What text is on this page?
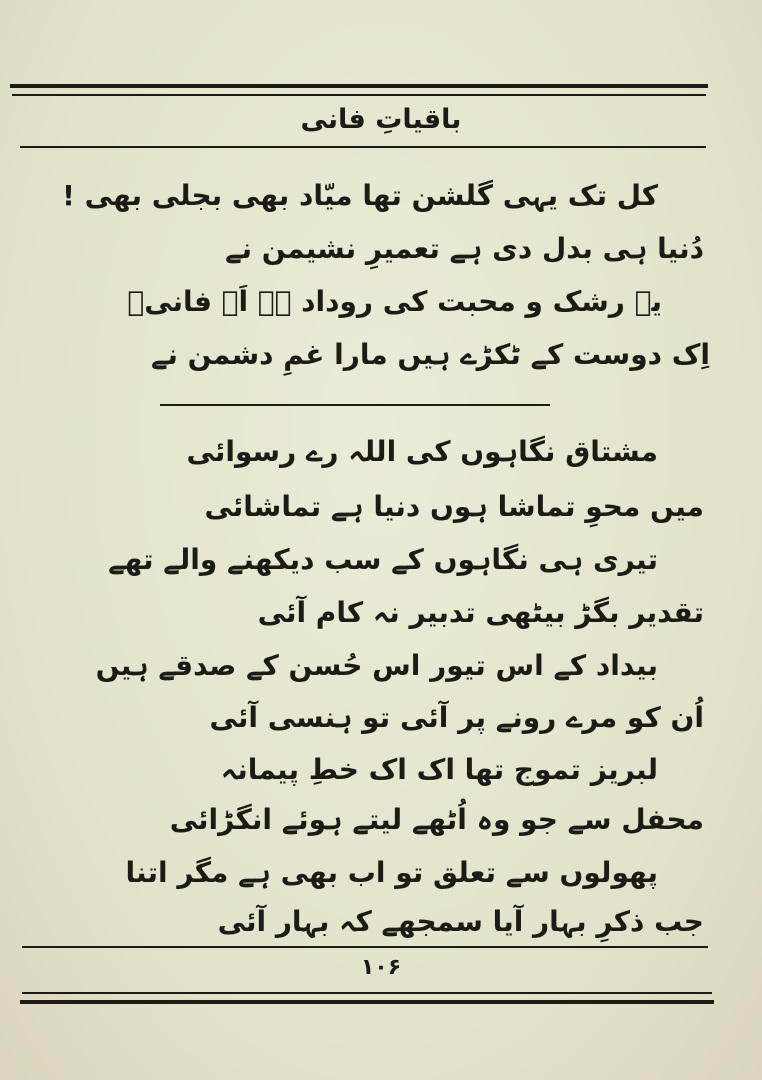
باقیاتِ فانی
کل تک یہی گلشن تھا میّاد بھی بجلی بھی !
دُنیا ہی بدل دی ہے تعمیرِ نشیمن نے
یہ رشک و محبت کی روداد ہے اَے فانیؔ
اِک دوست کے ٹکڑے ہیں مارا غمِ دشمن نے
مشتاق نگاہوں کی اللہ رے رسوائی
میں محوِ تماشا ہوں دنیا ہے تماشائی
تیری ہی نگاہوں کے سب دیکھنے والے تھے
تقدیر بگڑ بیٹھی تدبیر نہ کام آئی
بیداد کے اس تیور اس حُسن کے صدقے ہیں
اُن کو مرے رونے پر آئی تو ہنسی آئی
لبریز تموج تھا اک اک خطِ پیمانہ
محفل سے جو وہ اُٹھے لیتے ہوئے انگڑائی
پھولوں سے تعلق تو اب بھی ہے مگر اتنا
جب ذکرِ بہار آیا سمجھے کہ بہار آئی
۱۰۶
